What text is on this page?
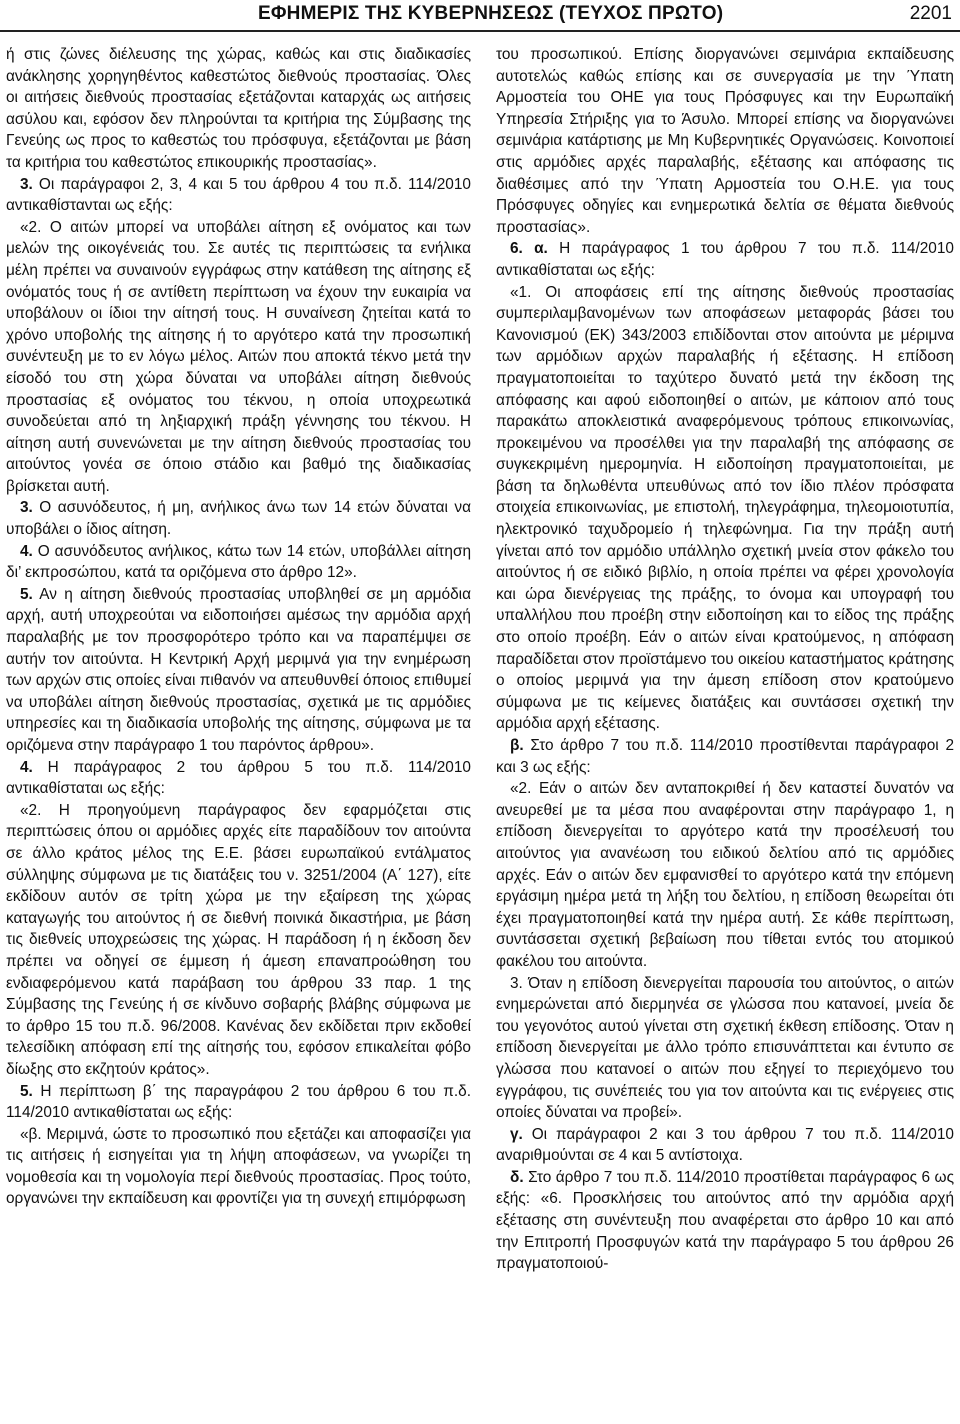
ΕΦΗΜΕΡΙΣ ΤΗΣ ΚΥΒΕΡΝΗΣΕΩΣ (ΤΕΥΧΟΣ ΠΡΩΤΟ)	2201

ή στις ζώνες διέλευσης της χώρας, καθώς και στις διαδικασίες ανάκλησης χορηγηθέντος καθεστώτος διεθνούς προστασίας. Όλες οι αιτήσεις διεθνούς προστασίας εξετάζονται καταρχάς ως αιτήσεις ασύλου και, εφόσον δεν πληρούνται τα κριτήρια της Σύμβασης της Γενεύης ως προς το καθεστώς του πρόσφυγα, εξετάζονται με βάση τα κριτήρια του καθεστώτος επικουρικής προστασίας».

3. Οι παράγραφοι 2, 3, 4 και 5 του άρθρου 4 του π.δ. 114/2010 αντικαθίστανται ως εξής:

«2. Ο αιτών μπορεί να υποβάλει αίτηση εξ ονόματος και των μελών της οικογένειάς του. Σε αυτές τις περιπτώσεις τα ενήλικα μέλη πρέπει να συναινούν εγγράφως στην κατάθεση της αίτησης εξ ονόματός τους ή σε αντίθετη περίπτωση να έχουν την ευκαιρία να υποβάλουν οι ίδιοι την αίτησή τους. Η συναίνεση ζητείται κατά το χρόνο υποβολής της αίτησης ή το αργότερο κατά την προσωπική συνέντευξη με το εν λόγω μέλος. Αιτών που αποκτά τέκνο μετά την είσοδό του στη χώρα δύναται να υποβάλει αίτηση διεθνούς προστασίας εξ ονόματος του τέκνου, η οποία υποχρεωτικά συνοδεύεται από τη ληξιαρχική πράξη γέννησης του τέκνου. Η αίτηση αυτή συνενώνεται με την αίτηση διεθνούς προστασίας του αιτούντος γονέα σε όποιο στάδιο και βαθμό της διαδικασίας βρίσκεται αυτή.

3. Ο ασυνόδευτος, ή μη, ανήλικος άνω των 14 ετών δύναται να υποβάλει ο ίδιος αίτηση.

4. Ο ασυνόδευτος ανήλικος, κάτω των 14 ετών, υποβάλλει αίτηση δι’ εκπροσώπου, κατά τα οριζόμενα στο άρθρο 12».

5. Αν η αίτηση διεθνούς προστασίας υποβληθεί σε μη αρμόδια αρχή, αυτή υποχρεούται να ειδοποιήσει αμέσως την αρμόδια αρχή παραλαβής με τον προσφορότερο τρόπο και να παραπέμψει σε αυτήν τον αιτούντα. Η Κεντρική Αρχή μεριμνά για την ενημέρωση των αρχών στις οποίες είναι πιθανόν να απευθυνθεί όποιος επιθυμεί να υποβάλει αίτηση διεθνούς προστασίας, σχετικά με τις αρμόδιες υπηρεσίες και τη διαδικασία υποβολής της αίτησης, σύμφωνα με τα οριζόμενα στην παράγραφο 1 του παρόντος άρθρου».

4. Η παράγραφος 2 του άρθρου 5 του π.δ. 114/2010 αντικαθίσταται ως εξής:

«2. Η προηγούμενη παράγραφος δεν εφαρμόζεται στις περιπτώσεις όπου οι αρμόδιες αρχές είτε παραδίδουν τον αιτούντα σε άλλο κράτος μέλος της Ε.Ε. βάσει ευρωπαϊκού εντάλματος σύλληψης σύμφωνα με τις διατάξεις του ν. 3251/2004 (Α΄ 127), είτε εκδίδουν αυτόν σε τρίτη χώρα με την εξαίρεση της χώρας καταγωγής του αιτούντος ή σε διεθνή ποινικά δικαστήρια, με βάση τις διεθνείς υποχρεώσεις της χώρας. Η παράδοση ή η έκδοση δεν πρέπει να οδηγεί σε έμμεση ή άμεση επαναπροώθηση του ενδιαφερόμενου κατά παράβαση του άρθρου 33 παρ. 1 της Σύμβασης της Γενεύης ή σε κίνδυνο σοβαρής βλάβης σύμφωνα με το άρθρο 15 του π.δ. 96/2008. Κανένας δεν εκδίδεται πριν εκδοθεί τελεσίδικη απόφαση επί της αίτησής του, εφόσον επικαλείται φόβο δίωξης στο εκζητούν κράτος».

5. Η περίπτωση β΄ της παραγράφου 2 του άρθρου 6 του π.δ. 114/2010 αντικαθίσταται ως εξής:

«β. Μεριμνά, ώστε το προσωπικό που εξετάζει και αποφασίζει για τις αιτήσεις ή εισηγείται για τη λήψη αποφάσεων, να γνωρίζει τη νομοθεσία και τη νομολογία περί διεθνούς προστασίας. Προς τούτο, οργανώνει την εκπαίδευση και φροντίζει για τη συνεχή επιμόρφωση

του προσωπικού. Επίσης διοργανώνει σεμινάρια εκπαίδευσης αυτοτελώς καθώς επίσης και σε συνεργασία με την Ύπατη Αρμοστεία του ΟΗΕ για τους Πρόσφυγες και την Ευρωπαϊκή Υπηρεσία Στήριξης για το Άσυλο. Μπορεί επίσης να διοργανώνει σεμινάρια κατάρτισης με Μη Κυβερνητικές Οργανώσεις. Κοινοποιεί στις αρμόδιες αρχές παραλαβής, εξέτασης και απόφασης τις διαθέσιμες από την Ύπατη Αρμοστεία του Ο.Η.Ε. για τους Πρόσφυγες οδηγίες και ενημερωτικά δελτία σε θέματα διεθνούς προστασίας».

6. α. Η παράγραφος 1 του άρθρου 7 του π.δ. 114/2010 αντικαθίσταται ως εξής:

«1. Οι αποφάσεις επί της αίτησης διεθνούς προστασίας συμπεριλαμβανομένων των αποφάσεων μεταφοράς βάσει του Κανονισμού (ΕΚ) 343/2003 επιδίδονται στον αιτούντα με μέριμνα των αρμόδιων αρχών παραλαβής ή εξέτασης. Η επίδοση πραγματοποιείται το ταχύτερο δυνατό μετά την έκδοση της απόφασης και αφού ειδοποιηθεί ο αιτών, με κάποιον από τους παρακάτω αποκλειστικά αναφερόμενους τρόπους επικοινωνίας, προκειμένου να προσέλθει για την παραλαβή της απόφασης σε συγκεκριμένη ημερομηνία. Η ειδοποίηση πραγματοποιείται, με βάση τα δηλωθέντα υπευθύνως από τον ίδιο πλέον πρόσφατα στοιχεία επικοινωνίας, με επιστολή, τηλεγράφημα, τηλεομοιοτυπία, ηλεκτρονικό ταχυδρομείο ή τηλεφώνημα. Για την πράξη αυτή γίνεται από τον αρμόδιο υπάλληλο σχετική μνεία στον φάκελο του αιτούντος ή σε ειδικό βιβλίο, η οποία πρέπει να φέρει χρονολογία και ώρα διενέργειας της πράξης, το όνομα και υπογραφή του υπαλλήλου που προέβη στην ειδοποίηση και το είδος της πράξης στο οποίο προέβη. Εάν ο αιτών είναι κρατούμενος, η απόφαση παραδίδεται στον προϊστάμενο του οικείου καταστήματος κράτησης ο οποίος μεριμνά για την άμεση επίδοση στον κρατούμενο σύμφωνα με τις κείμενες διατάξεις και συντάσσει σχετική την αρμόδια αρχή εξέτασης.

β. Στο άρθρο 7 του π.δ. 114/2010 προστίθενται παράγραφοι 2 και 3 ως εξής:

«2. Εάν ο αιτών δεν ανταποκριθεί ή δεν καταστεί δυνατόν να ανευρεθεί με τα μέσα που αναφέρονται στην παράγραφο 1, η επίδοση διενεργείται το αργότερο κατά την προσέλευσή του αιτούντος για ανανέωση του ειδικού δελτίου από τις αρμόδιες αρχές. Εάν ο αιτών δεν εμφανισθεί το αργότερο κατά την επόμενη εργάσιμη ημέρα μετά τη λήξη του δελτίου, η επίδοση θεωρείται ότι έχει πραγματοποιηθεί κατά την ημέρα αυτή. Σε κάθε περίπτωση, συντάσσεται σχετική βεβαίωση που τίθεται εντός του ατομικού φακέλου του αιτούντα.

3. Όταν η επίδοση διενεργείται παρουσία του αιτούντος, ο αιτών ενημερώνεται από διερμηνέα σε γλώσσα που κατανοεί, μνεία δε του γεγονότος αυτού γίνεται στη σχετική έκθεση επίδοσης. Όταν η επίδοση διενεργείται με άλλο τρόπο επισυνάπτεται και έντυπο σε γλώσσα που κατανοεί ο αιτών που εξηγεί το περιεχόμενο του εγγράφου, τις συνέπειές του για τον αιτούντα και τις ενέργειες στις οποίες δύναται να προβεί».

γ. Οι παράγραφοι 2 και 3 του άρθρου 7 του π.δ. 114/2010 αναριθμούνται σε 4 και 5 αντίστοιχα.

δ. Στο άρθρο 7 του π.δ. 114/2010 προστίθεται παράγραφος 6 ως εξής: «6. Προσκλήσεις του αιτούντος από την αρμόδια αρχή εξέτασης στη συνέντευξη που αναφέρεται στο άρθρο 10 και από την Επιτροπή Προσφυγών κατά την παράγραφο 5 του άρθρου 26 πραγματοποιού-
